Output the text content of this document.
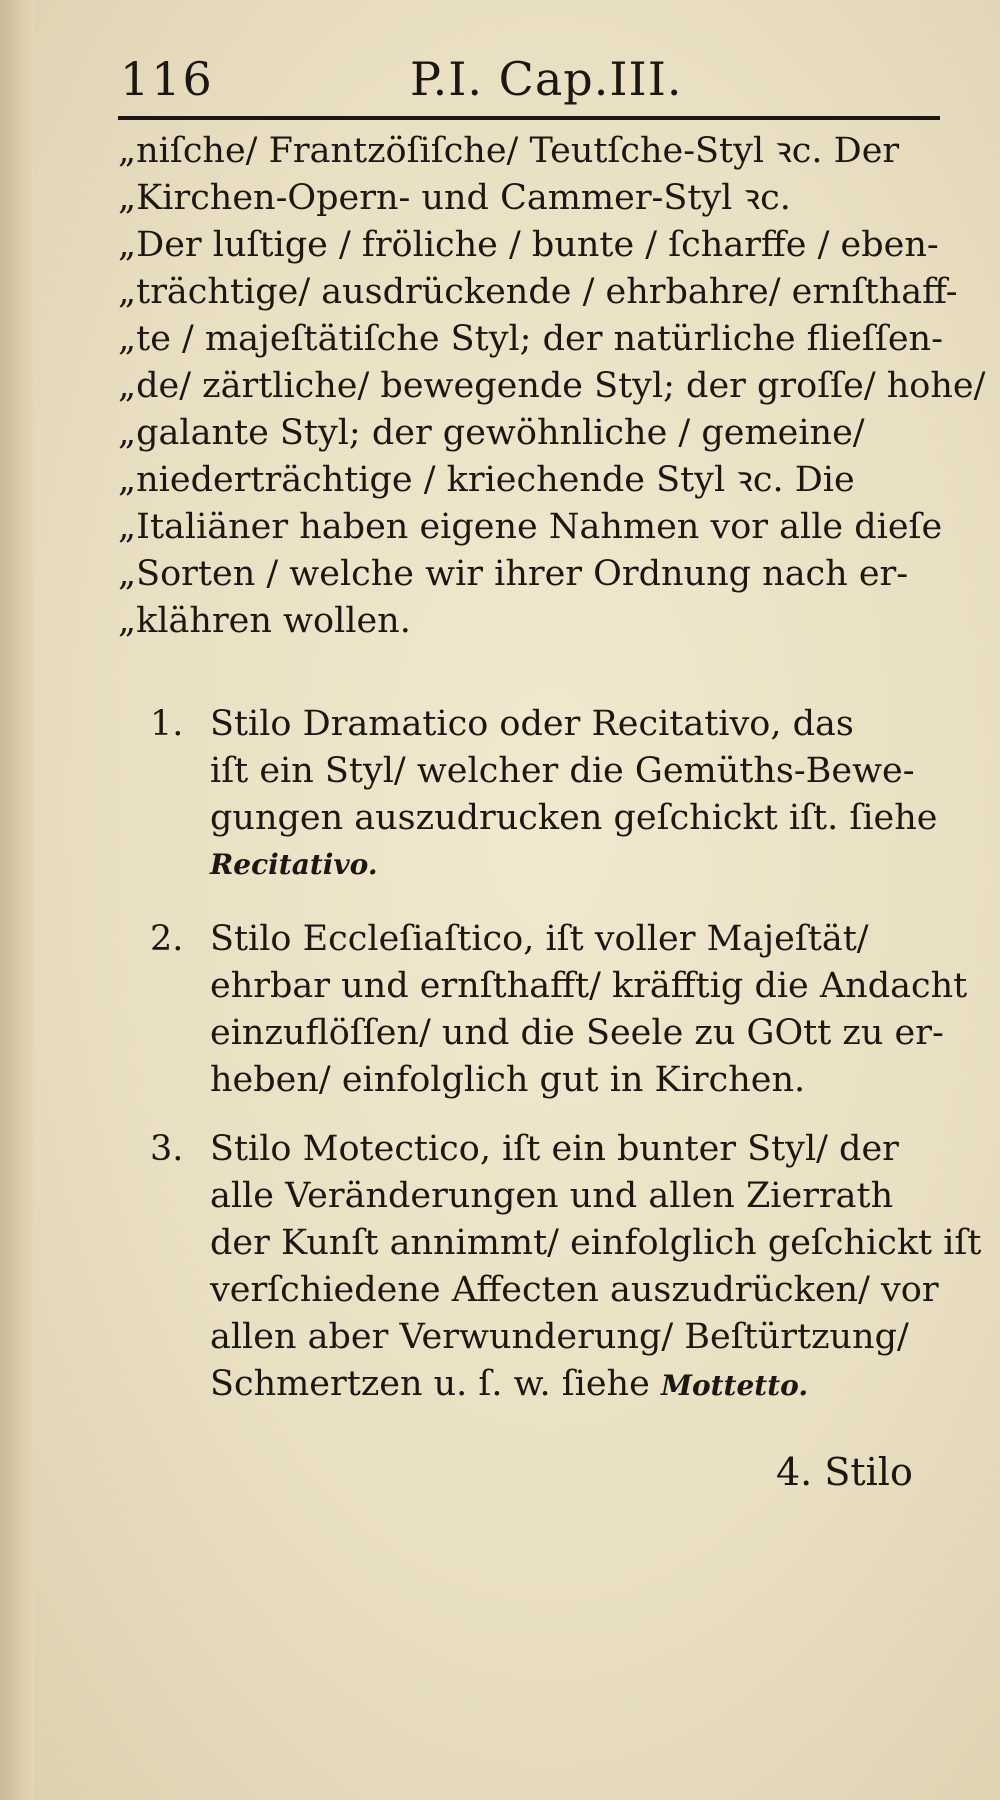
116	P.I. Cap.III.
„niſche/ Frantzöſiſche/ Teutſche-Styl ꝛc. Der
„Kirchen-Opern- und Cammer-Styl ꝛc.
„Der luſtige / fröliche / bunte / ſcharffe / eben-
„trächtige/ ausdrückende / ehrbahre/ ernſthaff-
„te / majeſtätiſche Styl; der natürliche flieſſen-
„de/ zärtliche/ bewegende Styl; der groſſe/ hohe/
„galante Styl; der gewöhnliche / gemeine/
„niederträchtige / kriechende Styl ꝛc. Die
„Italiäner haben eigene Nahmen vor alle dieſe
„Sorten / welche wir ihrer Ordnung nach er-
„klähren wollen.
1. Stilo Dramatico oder Recitativo, das
iſt ein Styl/ welcher die Gemüths-Bewe-
gungen auszudrucken geſchickt iſt. ſiehe
Recitativo.
2. Stilo Eccleſiaſtico, iſt voller Majeſtät/
ehrbar und ernſthafft/ kräfftig die Andacht
einzuflöſſen/ und die Seele zu GOtt zu er-
heben/ einfolglich gut in Kirchen.
3. Stilo Motectico, iſt ein bunter Styl/ der
alle Veränderungen und allen Zierrath
der Kunſt annimmt/ einfolglich geſchickt iſt
verſchiedene Affecten auszudrücken/ vor
allen aber Verwunderung/ Beſtürtzung/
Schmertzen u. ſ. w. ſiehe Mottetto.
4. Stilo
